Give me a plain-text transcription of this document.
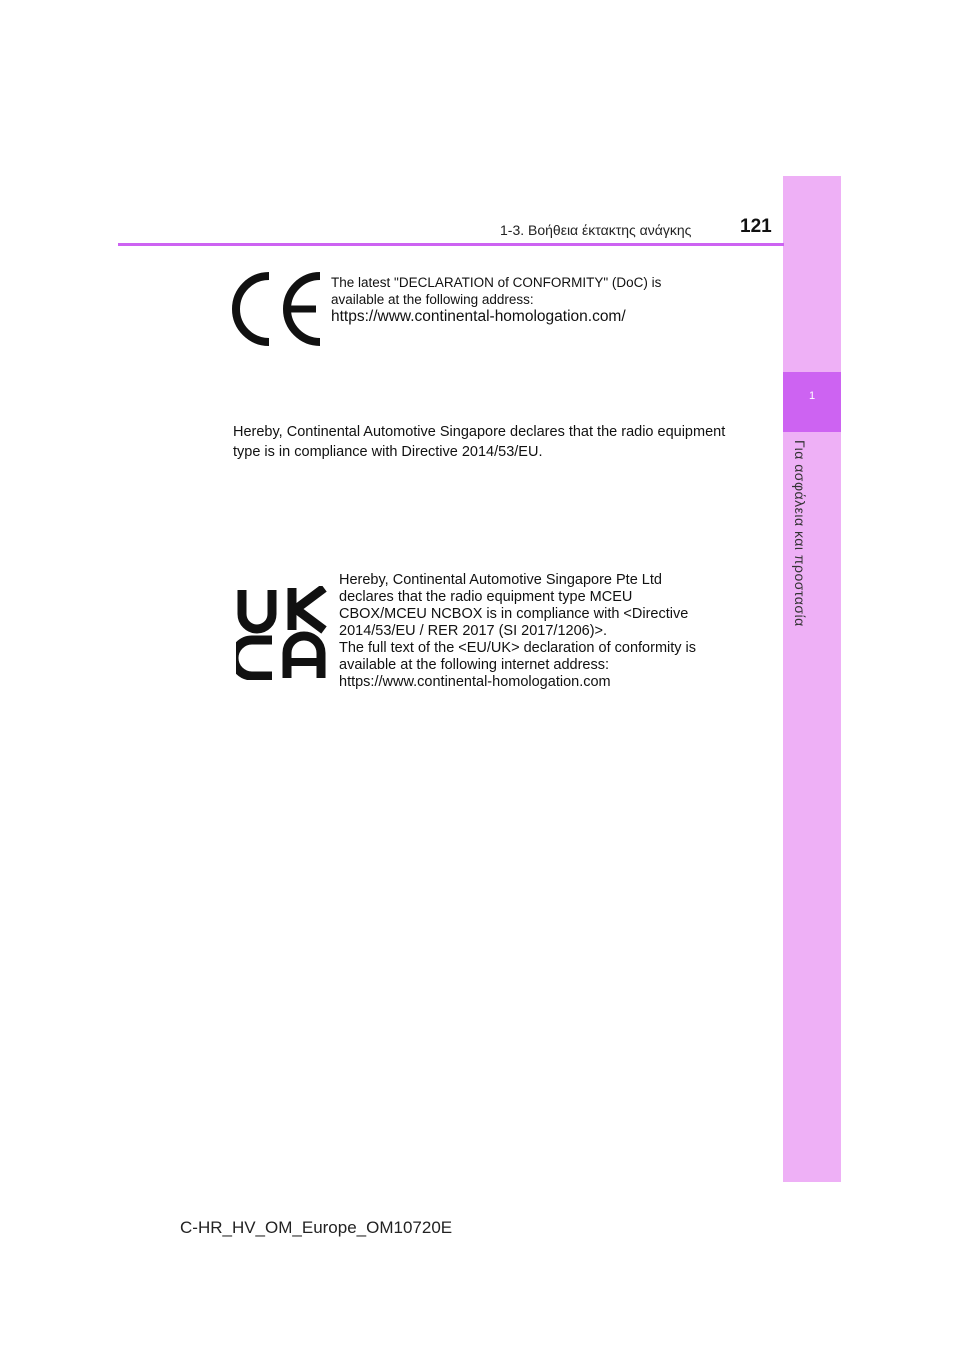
1
Για ασφάλεια και προστασία
1-3. Βοήθεια έκτακτης ανάγκης	121
The latest "DECLARATION of CONFORMITY" (DoC) is
available at the following address:
https://www.continental-homologation.com/
Hereby, Continental Automotive Singapore declares that the radio equipment type is in compliance with Directive 2014/53/EU.
Hereby, Continental Automotive Singapore Pte Ltd
declares that the radio equipment type MCEU
CBOX/MCEU NCBOX is in compliance with <Directive
2014/53/EU / RER 2017 (SI 2017/1206)>.
The full text of the <EU/UK> declaration of conformity is
available at the following internet address:
https://www.continental-homologation.com
C-HR_HV_OM_Europe_OM10720E
